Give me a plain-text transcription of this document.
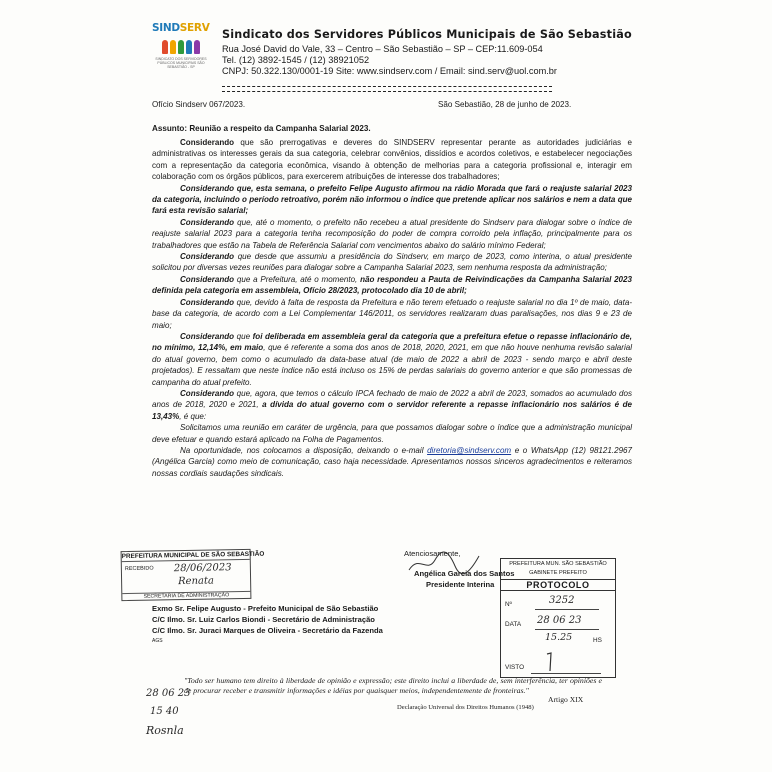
SINDSERV
SINDICATO DOS SERVIDORES PÚBLICOS MUNICIPAIS SÃO SEBASTIÃO - SP
Sindicato dos Servidores Públicos Municipais de São Sebastião
Rua José David do Vale, 33 – Centro – São Sebastião – SP – CEP:11.609-054
Tel. (12) 3892-1545 / (12) 38921052
CNPJ: 50.322.130/0001-19 Site: www.sindserv.com / Email: sind.serv@uol.com.br
Ofício Sindserv 067/2023.	São Sebastião, 28 de junho de 2023.
Assunto: Reunião a respeito da Campanha Salarial 2023.

Considerando que são prerrogativas e deveres do SINDSERV representar perante as autoridades judiciárias e administrativas os interesses gerais da sua categoria, celebrar convênios, dissídios e acordos coletivos, e estabelecer negociações com a representação da categoria econômica, visando à obtenção de melhorias para a categoria profissional e, interagir em colaboração com os órgãos públicos, para exercerem atribuições de interesse dos trabalhadores;

Considerando que, esta semana, o prefeito Felipe Augusto afirmou na rádio Morada que fará o reajuste salarial 2023 da categoria, incluindo o período retroativo, porém não informou o índice que pretende aplicar nos salários e nem a data que fará esta revisão salarial;

Considerando que, até o momento, o prefeito não recebeu a atual presidente do Sindserv para dialogar sobre o índice de reajuste salarial 2023 para a categoria tenha recomposição do poder de compra corroído pela inflação, principalmente para os trabalhadores que estão na Tabela de Referência Salarial com vencimentos abaixo do salário mínimo Federal;

Considerando que desde que assumiu a presidência do Sindserv, em março de 2023, como interina, o atual presidente solicitou por diversas vezes reuniões para dialogar sobre a Campanha Salarial 2023, sem nenhuma resposta da administração;

Considerando que a Prefeitura, até o momento, não respondeu a Pauta de Reivindicações da Campanha Salarial 2023 definida pela categoria em assembleia, Ofício 28/2023, protocolado dia 10 de abril;

Considerando que, devido à falta de resposta da Prefeitura e não terem efetuado o reajuste salarial no dia 1º de maio, data-base da categoria, de acordo com a Lei Complementar 146/2011, os servidores realizaram duas paralisações, nos dias 9 e 23 de maio;

Considerando que foi deliberada em assembleia geral da categoria que a prefeitura efetue o repasse inflacionário de, no mínimo, 12,14%, em maio, que é referente a soma dos anos de 2018, 2020, 2021, em que não houve nenhuma revisão salarial do atual governo, bem como o acumulado da data-base atual (de maio de 2022 a abril de 2023 - sendo março e abril deste projetados). E ressaltam que neste índice não está incluso os 15% de perdas salariais do governo anterior e que são promessas de campanha do atual prefeito.

Considerando que, agora, que temos o cálculo IPCA fechado de maio de 2022 a abril de 2023, somados ao acumulado dos anos de 2018, 2020 e 2021, a dívida do atual governo com o servidor referente a repasse inflacionário nos salários é de 13,43%, é que:

Solicitamos uma reunião em caráter de urgência, para que possamos dialogar sobre o índice que a administração municipal deve efetuar e quando estará aplicado na Folha de Pagamentos.

Na oportunidade, nos colocamos a disposição, deixando o e-mail diretoria@sindserv.com e o WhatsApp (12) 98121.2967 (Angélica Garcia) como meio de comunicação, caso haja necessidade. Apresentamos nossos sinceros agradecimentos e reiteramos nossas cordiais saudações sindicais.

PREFEITURA MUNICIPAL DE SÃO SEBASTIÃO
RECEBIDO	28/06/2023
Renata
SECRETARIA DE ADMINISTRAÇÃO
Atenciosamente,
Angélica Garcia dos Santos
Presidente Interina
Exmo Sr. Felipe Augusto - Prefeito Municipal de São Sebastião
C/C Ilmo. Sr. Luiz Carlos Biondi - Secretário de Administração
C/C Ilmo. Sr. Juraci Marques de Oliveira - Secretário da Fazenda
AGS
PREFEITURA MUN. SÃO SEBASTIÃO
GABINETE PREFEITO
PROTOCOLO
Nº	3252
DATA 28 06 23
15.25	HS
VISTO
28 06 23
15 40
Rosnla
"Todo ser humano tem direito à liberdade de opinião e expressão; este direito inclui a liberdade de, sem interferência, ter opiniões e de procurar receber e transmitir informações e idéias por quaisquer meios, independentemente de fronteiras."
Artigo XIX
Declaração Universal dos Direitos Humanos (1948)
